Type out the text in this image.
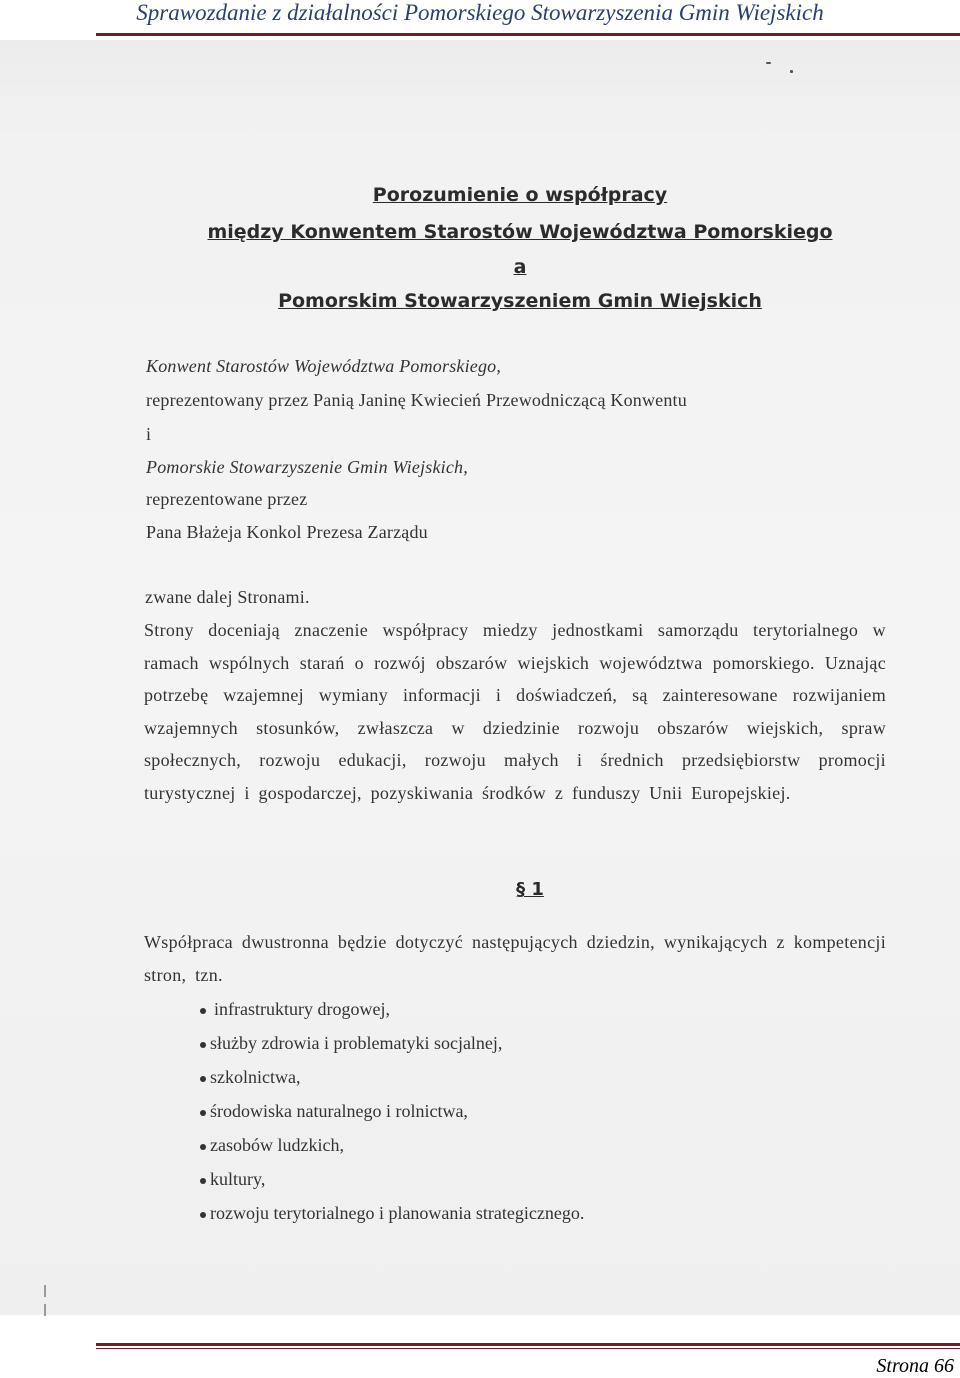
Sprawozdanie z działalności Pomorskiego Stowarzyszenia Gmin Wiejskich
Porozumienie o współpracy
między Konwentem Starostów Województwa Pomorskiego
a
Pomorskim Stowarzyszeniem Gmin Wiejskich
Konwent Starostów Województwa Pomorskiego,
reprezentowany przez Panią Janinę Kwiecień Przewodniczącą Konwentu
i
Pomorskie Stowarzyszenie Gmin Wiejskich,
reprezentowane przez
Pana Błażeja Konkol Prezesa Zarządu
zwane dalej Stronami.
Strony doceniają znaczenie współpracy miedzy jednostkami samorządu terytorialnego w ramach wspólnych starań o rozwój obszarów wiejskich województwa pomorskiego. Uznając potrzebę wzajemnej wymiany informacji i doświadczeń, są zainteresowane rozwijaniem wzajemnych stosunków, zwłaszcza w dziedzinie rozwoju obszarów wiejskich, spraw społecznych, rozwoju edukacji, rozwoju małych i średnich przedsiębiorstw promocji turystycznej i gospodarczej, pozyskiwania środków z funduszy Unii Europejskiej.
§ 1
Współpraca dwustronna będzie dotyczyć następujących dziedzin, wynikających z kompetencji stron, tzn.
infrastruktury drogowej,
służby zdrowia i problematyki socjalnej,
szkolnictwa,
środowiska naturalnego i rolnictwa,
zasobów ludzkich,
kultury,
rozwoju terytorialnego i planowania strategicznego.
Strona 66
